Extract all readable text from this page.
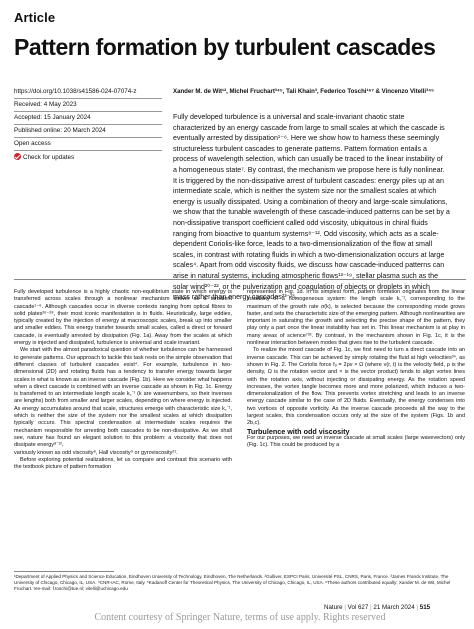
Article
Pattern formation by turbulent cascades
https://doi.org/10.1038/s41586-024-07074-z
Received: 4 May 2023
Accepted: 15 January 2024
Published online: 20 March 2024
Open access
Check for updates
Xander M. de Wit¹², Michel Fruchart³⁴⁵, Tali Khain³, Federico Toschi¹⁶⁷ & Vincenzo Vitelli³⁴⁵
Fully developed turbulence is a universal and scale-invariant chaotic state
characterized by an energy cascade from large to small scales at which the cascade is
eventually arrested by dissipation¹⁻⁶. Here we show how to harness these seemingly
structureless turbulent cascades to generate patterns. Pattern formation entails a
process of wavelength selection, which can usually be traced to the linear instability of
a homogeneous state⁷. By contrast, the mechanism we propose here is fully nonlinear.
It is triggered by the non-dissipative arrest of turbulent cascades: energy piles up at an
intermediate scale, which is neither the system size nor the smallest scales at which
energy is usually dissipated. Using a combination of theory and large-scale simulations,
we show that the tunable wavelength of these cascade-induced patterns can be set by a
non-dissipative transport coefficient called odd viscosity, ubiquitous in chiral fluids
ranging from bioactive to quantum systems⁸⁻¹². Odd viscosity, which acts as a scale-
dependent Coriolis-like force, leads to a two-dimensionalization of the flow at small
scales, in contrast with rotating fluids in which a two-dimensionalization occurs at large
scales⁴. Apart from odd viscosity fluids, we discuss how cascade-induced patterns can
arise in natural systems, including atmospheric flows¹³⁻¹⁹, stellar plasma such as the
solar wind²⁰⁻²², or the pulverization and coagulation of objects or droplets in which
mass rather than energy cascades²³⁻²⁵.

Fully developed turbulence is a highly chaotic non-equilibrium state in which energy is transferred across scales through a nonlinear mechanism known as a turbulent cascade¹⁻⁶. Although cascades occur in diverse contexts ranging from optical fibres to solid plates²⁶⁻²⁸, their most iconic manifestation is in fluids. Heuristically, large eddies, typically created by the injection of energy at macroscopic scales, break up into smaller and smaller eddies. This energy transfer towards small scales, called a direct or forward cascade, is eventually arrested by dissipation (Fig. 1a). Away from the scales at which energy is injected and dissipated, turbulence is universal and scale invariant.

We start with the almost paradoxical question of whether turbulence can be harnessed to generate patterns. Our approach to tackle this task rests on the simple observation that different classes of turbulent cascades exist⁴. For example, turbulence in two-dimensional (2D) and rotating fluids has a tendency to transfer energy towards larger scales in what is known as an inverse cascade (Fig. 1b). Here we consider what happens when a direct cascade is combined with an inverse cascade as shown in Fig. 1c. Energy is transferred to an intermediate length scale k꜀⁻¹ (k are wavenumbers, so their inverses are lengths) both from smaller and larger scales, depending on where energy is injected. As energy accumulates around that scale, structures emerge with characteristic size k꜀⁻¹, which is neither the size of the system nor the smallest scales at which dissipation typically occurs. This spectral condensation at intermediate scales requires the mechanism responsible for arresting both cascades to be non-dissipative. As we shall see, nature has found an elegant solution to this problem: a viscosity that does not dissipate energy⁸⁻¹²,

variously known as odd viscosity⁸, Hall viscosity⁹ or gyroviscosity²¹.

Before exploring potential realizations, let us compare and contrast this scenario with the textbook picture of pattern formation

represented in Fig. 1d. In its simplest form, pattern formation originates from the linear instability of a homogeneous system: the length scale k꜀⁻¹, corresponding to the maximum of the growth rate σ(k), is selected because the corresponding mode grows faster, and sets the characteristic size of the emerging pattern. Although nonlinearities are important in saturating the growth and selecting the precise shape of the pattern, they play only a part once the linear instability has set in. This linear mechanism is at play in many areas of science⁷³². By contrast, in the mechanism shown in Fig. 1c, it is the nonlinear interaction between modes that gives rise to the turbulent cascade.

To realize the mixed cascade of Fig. 1c, we first need to turn a direct cascade into an inverse cascade. This can be achieved by simply rotating the fluid at high velocities³⁴, as shown in Fig. 2. The Coriolis force fₒ = 2ρv × Ω (where v(r, t) is the velocity field, ρ is the density, Ω is the rotation vector and × is the vector product) tends to align vortex lines with the rotation axis, without injecting or dissipating energy. As the rotation speed increases, the vortex tangle becomes more and more polarized, which induces a two-dimensionalization of the flow. This prevents vortex stretching and leads to an inverse energy cascade similar to the case of 2D fluids. Eventually, the energy condenses into two vortices of opposite vorticity. As the inverse cascade proceeds all the way to the largest scales, this condensation occurs only at the size of the system (Figs. 1b and 2b,c).

Turbulence with odd viscosity

For our purposes, we need an inverse cascade at small scales (large wavevectors) only (Fig. 1c). This could be produced by a

¹Department of Applied Physics and Science Education, Eindhoven University of Technology, Eindhoven, The Netherlands. ²Gulliver, ESPCI Paris, Université PSL, CNRS, Paris, France. ³James Franck Institute, The University of Chicago, Chicago, IL, USA. ⁴CNR-IAC, Rome, Italy. ⁵Kadanoff Center for Theoretical Physics, The University of Chicago, Chicago, IL, USA. ⁶These authors contributed equally: Xander M. de Wit, Michel Fruchart. ✉e-mail: f.toschi@tue.nl; vitelli@uchicago.edu
Nature | Vol 627 | 21 March 2024 | 515
Content courtesy of Springer Nature, terms of use apply. Rights reserved
